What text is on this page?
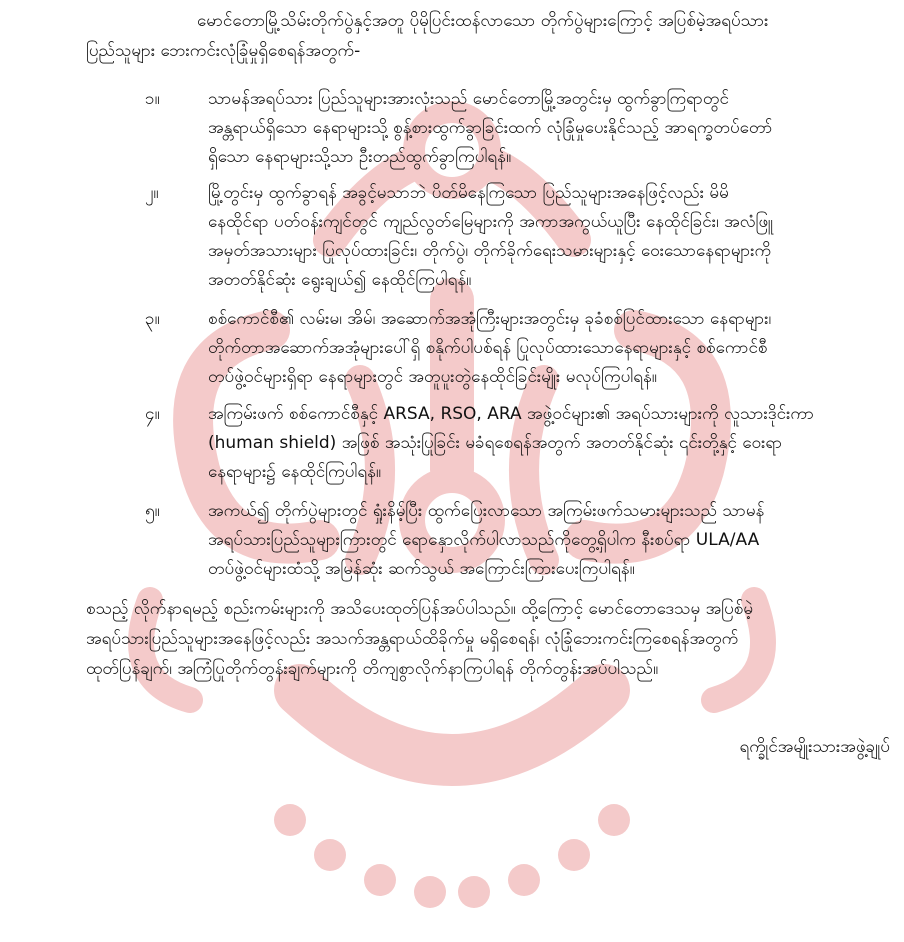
မောင်တောမြို့သိမ်းတိုက်ပွဲနှင့်အတူ ပိုမိုပြင်းထန်လာသော တိုက်ပွဲများကြောင့် အပြစ်မဲ့အရပ်သား
ပြည်သူများ ဘေးကင်းလုံခြုံမှုရှိစေရန်အတွက်-
၁။	သာမန်အရပ်သား ပြည်သူများအားလုံးသည် မောင်တောမြို့အတွင်းမှ ထွက်ခွာကြရာတွင်
အန္တရာယ်ရှိသော နေရာများသို့ စွန့်စားထွက်ခွာခြင်းထက် လုံခြုံမှုပေးနိုင်သည့် အာရက္ခတပ်တော်
ရှိသော နေရာများသို့သာ ဦးတည်ထွက်ခွာကြပါရန်။
၂။	မြို့တွင်းမှ ထွက်ခွာရန် အခွင့်မသာဘဲ ပိတ်မိနေကြသော ပြည်သူများအနေဖြင့်လည်း မိမိ
နေထိုင်ရာ ပတ်ဝန်းကျင်တွင် ကျည်လွတ်မြေများကို အကာအကွယ်ယူပြီး နေထိုင်ခြင်း၊ အလံဖြူ
အမှတ်အသားများ ပြုလုပ်ထားခြင်း၊ တိုက်ပွဲ၊ တိုက်ခိုက်ရေးသမားများနှင့် ဝေးသောနေရာများကို
အတတ်နိုင်ဆုံး ရွေးချယ်၍ နေထိုင်ကြပါရန်။
၃။	စစ်ကောင်စီ၏ လမ်းမ၊ အိမ်၊ အဆောက်အအုံကြီးများအတွင်းမှ ခုခံစစ်ပြင်ထားသော နေရာများ၊
တိုက်တာအဆောက်အအုံများပေါ်ရှိ စနိုက်ပါပစ်ရန် ပြုလုပ်ထားသောနေရာများနှင့် စစ်ကောင်စီ
တပ်ဖွဲ့ဝင်များရှိရာ နေရာများတွင် အတူပူးတွဲနေထိုင်ခြင်းမျိုး မလုပ်ကြပါရန်။
၄။	အကြမ်းဖက် စစ်ကောင်စီနှင့် ARSA, RSO, ARA အဖွဲ့ဝင်များ၏ အရပ်သားများကို လူသားဒိုင်းကာ
(human shield) အဖြစ် အသုံးပြုခြင်း မခံရစေရန်အတွက် အတတ်နိုင်ဆုံး ၎င်းတို့နှင့် ဝေးရာ
နေရာများ၌ နေထိုင်ကြပါရန်။
၅။	အကယ်၍ တိုက်ပွဲများတွင် ရှုံးနိမ့်ပြီး ထွက်ပြေးလာသော အကြမ်းဖက်သမားများသည် သာမန်
အရပ်သားပြည်သူများကြားတွင် ရောနှောလိုက်ပါလာသည်ကိုတွေ့ရှိပါက နီးစပ်ရာ ULA/AA
တပ်ဖွဲ့ဝင်များထံသို့ အမြန်ဆုံး ဆက်သွယ် အကြောင်းကြားပေးကြပါရန်။
စသည့် လိုက်နာရမည့် စည်းကမ်းများကို အသိပေးထုတ်ပြန်အပ်ပါသည်။ ထို့ကြောင့် မောင်တောဒေသမှ အပြစ်မဲ့
အရပ်သားပြည်သူများအနေဖြင့်လည်း အသက်အန္တရာယ်ထိခိုက်မှု မရှိစေရန်၊ လုံခြုံဘေးကင်းကြစေရန်အတွက်
ထုတ်ပြန်ချက်၊ အကြံပြုတိုက်တွန်းချက်များကို တိကျစွာလိုက်နာကြပါရန် တိုက်တွန်းအပ်ပါသည်။
ရက္ခိုင်အမျိုးသားအဖွဲ့ချုပ်
